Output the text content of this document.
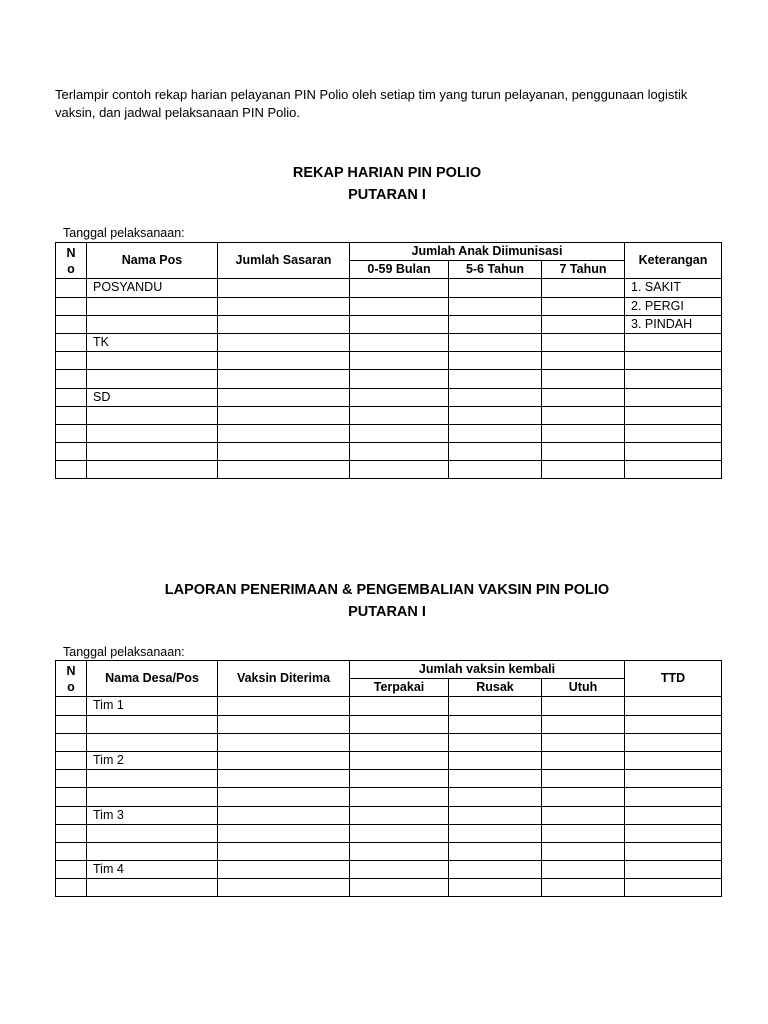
Terlampir contoh rekap harian pelayanan PIN Polio oleh setiap tim yang turun pelayanan, penggunaan logistik
vaksin, dan jadwal pelaksanaan PIN Polio.
REKAP HARIAN PIN POLIO
PUTARAN I
Tanggal pelaksanaan:
No	Nama Pos	Jumlah Sasaran	Jumlah Anak Diimunisasi			Keterangan
			0-59 Bulan	5-6 Tahun	7 Tahun	
	POSYANDU					1. SAKIT
						2. PERGI
						3. PINDAH
	TK					

	SD					

LAPORAN PENERIMAAN & PENGEMBALIAN VAKSIN PIN POLIO
PUTARAN I
Tanggal pelaksanaan:
No	Nama Desa/Pos	Vaksin Diterima	Jumlah vaksin kembali			TTD
			Terpakai	Rusak	Utuh	
	Tim 1					

	Tim 2					

	Tim 3					

	Tim 4					
